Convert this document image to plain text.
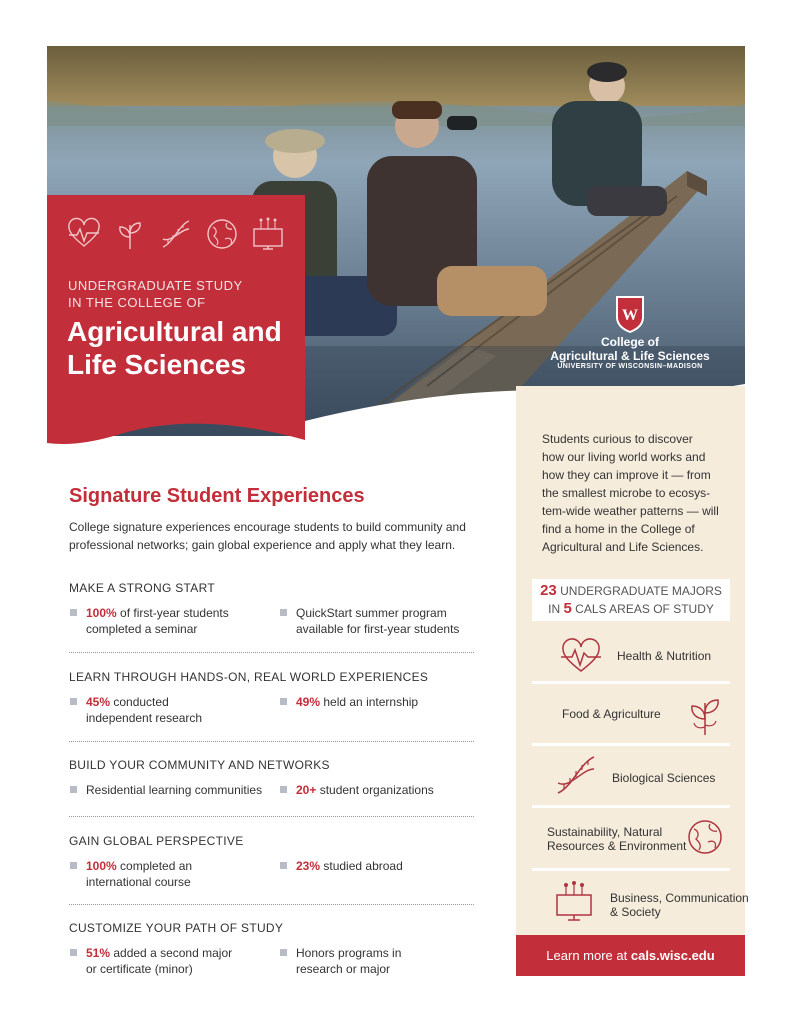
UNDERGRADUATE STUDY
IN THE COLLEGE OF
Agricultural and
Life Sciences
W
College of
Agricultural & Life Sciences
UNIVERSITY OF WISCONSIN–MADISON
Students curious to discover
how our living world works and
how they can improve it — from
the smallest microbe to ecosys-
tem-wide weather patterns — will
find a home in the College of
Agricultural and Life Sciences.
23 UNDERGRADUATE MAJORS
IN 5 CALS AREAS OF STUDY
Health & Nutrition
Food & Agriculture
Biological Sciences
Sustainability, Natural
Resources & Environment
Business, Communication
& Society
Learn more at cals.wisc.edu
Signature Student Experiences
College signature experiences encourage students to build community and
professional networks; gain global experience and apply what they learn.
MAKE A STRONG START
100% of first-year students
completed a seminar
QuickStart summer program
available for first-year students
LEARN THROUGH HANDS-ON, REAL WORLD EXPERIENCES
45% conducted
independent research
49% held an internship
BUILD YOUR COMMUNITY AND NETWORKS
Residential learning communities	20+ student organizations
GAIN GLOBAL PERSPECTIVE
100% completed an
international course
23% studied abroad
CUSTOMIZE YOUR PATH OF STUDY
51% added a second major
or certificate (minor)
Honors programs in
research or major
